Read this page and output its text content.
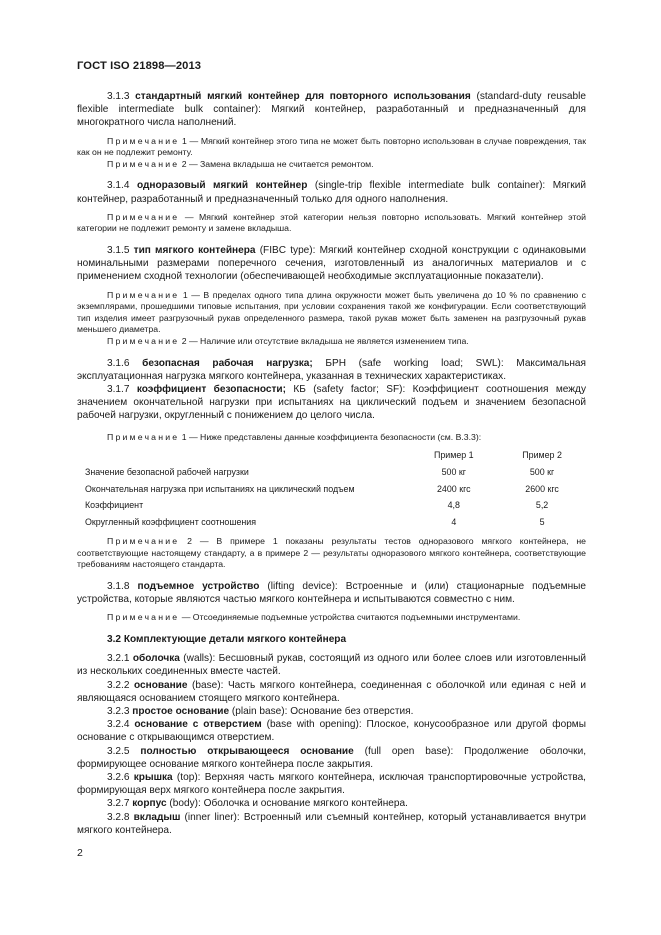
ГОСТ ISO 21898—2013

3.1.3 стандартный мягкий контейнер для повторного использования (standard-duty reusable flexible intermediate bulk container): Мягкий контейнер, разработанный и предназначенный для многократного числа наполнений.

Примечание 1 — Мягкий контейнер этого типа не может быть повторно использован в случае повреждения, так как он не подлежит ремонту.

Примечание 2 — Замена вкладыша не считается ремонтом.

3.1.4 одноразовый мягкий контейнер (single-trip flexible intermediate bulk container): Мягкий контейнер, разработанный и предназначенный только для одного наполнения.

Примечание — Мягкий контейнер этой категории нельзя повторно использовать. Мягкий контейнер этой категории не подлежит ремонту и замене вкладыша.

3.1.5 тип мягкого контейнера (FIBC type): Мягкий контейнер сходной конструкции с одинаковыми номинальными размерами поперечного сечения, изготовленный из аналогичных материалов и с применением сходной технологии (обеспечивающей необходимые эксплуатационные показатели).

Примечание 1 — В пределах одного типа длина окружности может быть увеличена до 10 % по сравнению с экземплярами, прошедшими типовые испытания, при условии сохранения такой же конфигурации. Если соответствующий тип изделия имеет разгрузочный рукав определенного размера, такой рукав может быть заменен на разгрузочный рукав меньшего диаметра.

Примечание 2 — Наличие или отсутствие вкладыша не является изменением типа.

3.1.6 безопасная рабочая нагрузка; БРН (safe working load; SWL): Максимальная эксплуатационная нагрузка мягкого контейнера, указанная в технических характеристиках.

3.1.7 коэффициент безопасности; КБ (safety factor; SF): Коэффициент соотношения между значением окончательной нагрузки при испытаниях на циклический подъем и значением безопасной рабочей нагрузки, округленный с понижением до целого числа.

Примечание 1 — Ниже представлены данные коэффициента безопасности (см. В.3.3):

	Пример 1	Пример 2
Значение безопасной рабочей нагрузки	500 кг	500 кг
Окончательная нагрузка при испытаниях на циклический подъем	2400 кгс	2600 кгс
Коэффициент	4,8	5,2
Округленный коэффициент соотношения	4	5

Примечание 2 — В примере 1 показаны результаты тестов одноразового мягкого контейнера, не соответствующие настоящему стандарту, а в примере 2 — результаты одноразового мягкого контейнера, соответствующие требованиям настоящего стандарта.

3.1.8 подъемное устройство (lifting device): Встроенные и (или) стационарные подъемные устройства, которые являются частью мягкого контейнера и испытываются совместно с ним.

Примечание — Отсоединяемые подъемные устройства считаются подъемными инструментами.

3.2 Комплектующие детали мягкого контейнера

3.2.1 оболочка (walls): Бесшовный рукав, состоящий из одного или более слоев или изготовленный из нескольких соединенных вместе частей.

3.2.2 основание (base): Часть мягкого контейнера, соединенная с оболочкой или единая с ней и являющаяся основанием стоящего мягкого контейнера.

3.2.3 простое основание (plain base): Основание без отверстия.

3.2.4 основание с отверстием (base with opening): Плоское, конусообразное или другой формы основание с открывающимся отверстием.

3.2.5 полностью открывающееся основание (full open base): Продолжение оболочки, формирующее основание мягкого контейнера после закрытия.

3.2.6 крышка (top): Верхняя часть мягкого контейнера, исключая транспортировочные устройства, формирующая верх мягкого контейнера после закрытия.

3.2.7 корпус (body): Оболочка и основание мягкого контейнера.

3.2.8 вкладыш (inner liner): Встроенный или съемный контейнер, который устанавливается внутри мягкого контейнера.

2
